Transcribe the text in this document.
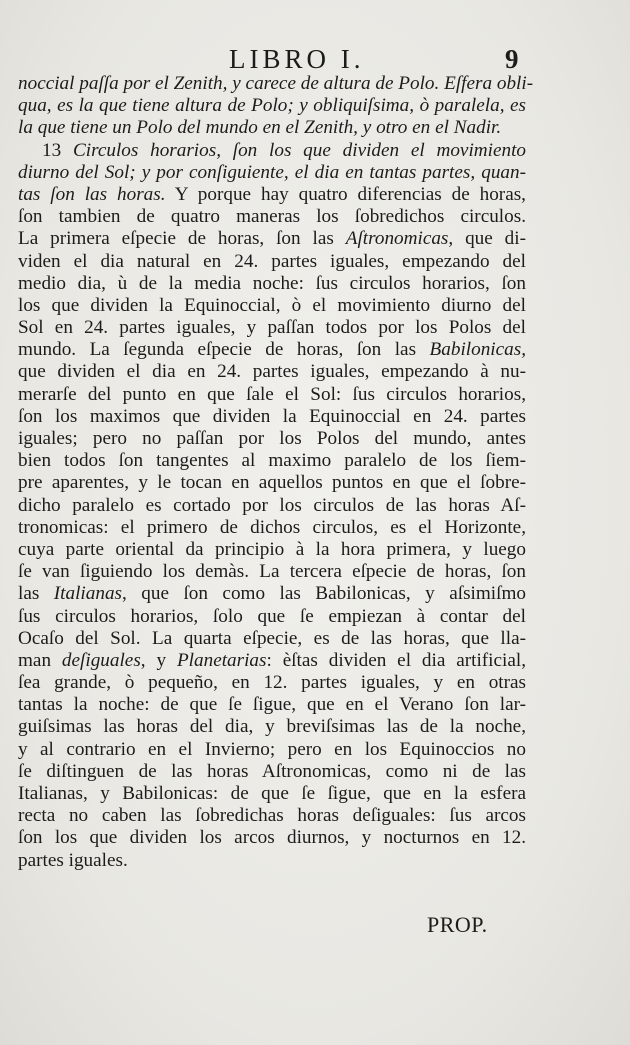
LIBRO I.	9
noccial paſſa por el Zenith, y carece de altura de Polo. Eſfera obli-
qua, es la que tiene altura de Polo; y obliquiſsima, ò paralela, es
la que tiene un Polo del mundo en el Zenith, y otro en el Nadir.
13 Circulos horarios, ſon los que dividen el movimiento
diurno del Sol; y por conſiguiente, el dia en tantas partes, quan-
tas ſon las horas. Y porque hay quatro diferencias de horas,
ſon tambien de quatro maneras los ſobredichos circulos.
La primera eſpecie de horas, ſon las Aſtronomicas, que di-
viden el dia natural en 24. partes iguales, empezando del
medio dia, ù de la media noche: ſus circulos horarios, ſon
los que dividen la Equinoccial, ò el movimiento diurno del
Sol en 24. partes iguales, y paſſan todos por los Polos del
mundo. La ſegunda eſpecie de horas, ſon las Babilonicas,
que dividen el dia en 24. partes iguales, empezando à nu-
merarſe del punto en que ſale el Sol: ſus circulos horarios,
ſon los maximos que dividen la Equinoccial en 24. partes
iguales; pero no paſſan por los Polos del mundo, antes
bien todos ſon tangentes al maximo paralelo de los ſiem-
pre aparentes, y le tocan en aquellos puntos en que el ſobre-
dicho paralelo es cortado por los circulos de las horas Aſ-
tronomicas: el primero de dichos circulos, es el Horizonte,
cuya parte oriental da principio à la hora primera, y luego
ſe van ſiguiendo los demàs. La tercera eſpecie de horas, ſon
las Italianas, que ſon como las Babilonicas, y aſsimiſmo
ſus circulos horarios, ſolo que ſe empiezan à contar del
Ocaſo del Sol. La quarta eſpecie, es de las horas, que lla-
man deſiguales, y Planetarias: èſtas dividen el dia artificial,
ſea grande, ò pequeño, en 12. partes iguales, y en otras
tantas la noche: de que ſe ſigue, que en el Verano ſon lar-
guiſsimas las horas del dia, y breviſsimas las de la noche,
y al contrario en el Invierno; pero en los Equinoccios no
ſe diſtinguen de las horas Aſtronomicas, como ni de las
Italianas, y Babilonicas: de que ſe ſigue, que en la esfera
recta no caben las ſobredichas horas deſiguales: ſus arcos
ſon los que dividen los arcos diurnos, y nocturnos en 12.
partes iguales.
PROP.
